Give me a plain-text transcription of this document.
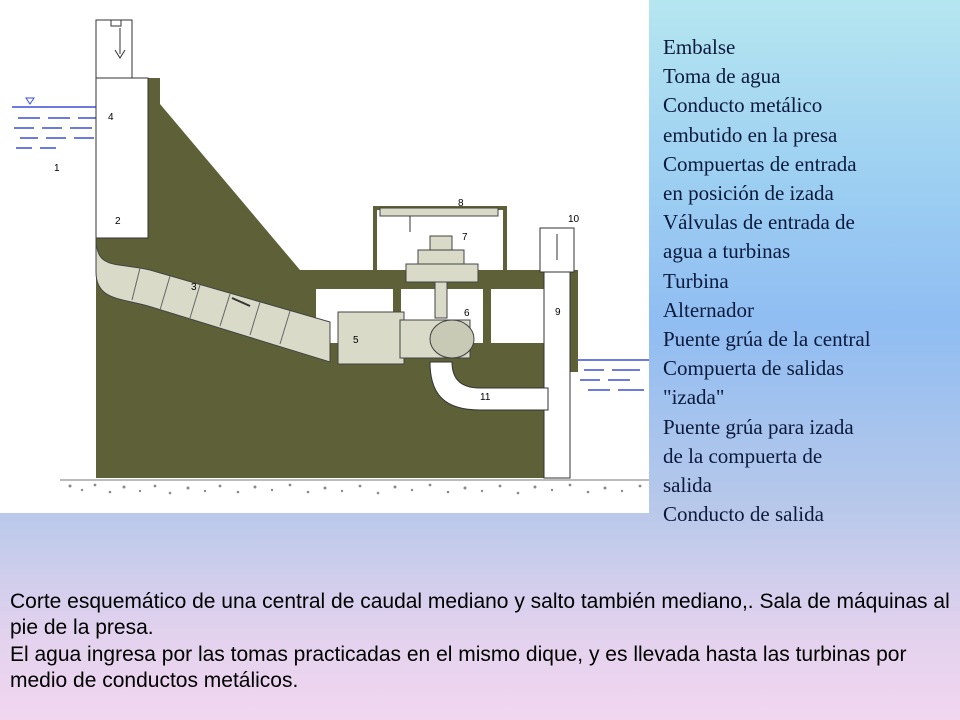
1
2
3
4
5
6
7
8
9
10
11
Embalse
Toma de agua
Conducto metálico
embutido en la presa
Compuertas de entrada
en posición de izada
Válvulas de entrada de
agua a turbinas
Turbina
Alternador
Puente grúa de la central
Compuerta de salidas
"izada"
Puente grúa para izada
de la compuerta de
salida
Conducto de salida

Corte esquemático de una central de caudal mediano y salto también mediano,. Sala de máquinas al pie de la presa.

El agua ingresa por las tomas practicadas en el mismo dique, y es llevada hasta las turbinas por medio de conductos metálicos.
